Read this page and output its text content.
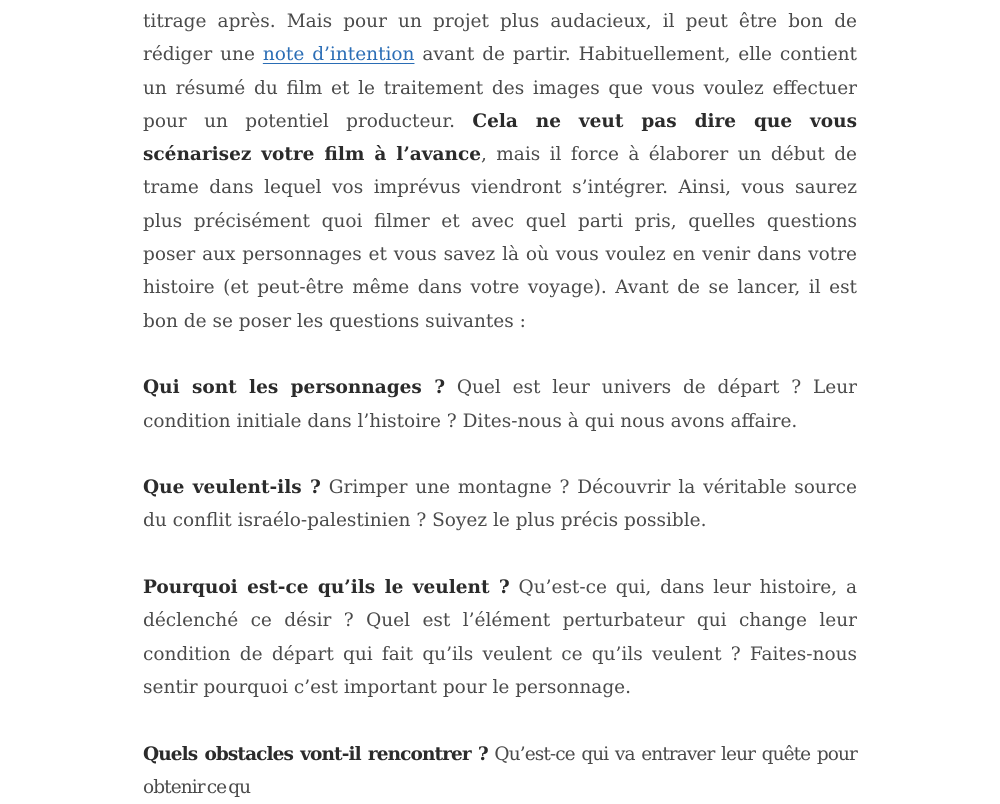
titrage après. Mais pour un projet plus audacieux, il peut être bon de rédiger une note d’intention avant de partir. Habituellement, elle contient un résumé du film et le traitement des images que vous voulez effectuer pour un potentiel producteur. Cela ne veut pas dire que vous scénarisez votre film à l’avance, mais il force à élaborer un début de trame dans lequel vos imprévus viendront s’intégrer. Ainsi, vous saurez plus précisément quoi filmer et avec quel parti pris, quelles questions poser aux personnages et vous savez là où vous voulez en venir dans votre histoire (et peut-être même dans votre voyage). Avant de se lancer, il est bon de se poser les questions suivantes :

Qui sont les personnages ? Quel est leur univers de départ ? Leur condition initiale dans l’histoire ? Dites-nous à qui nous avons affaire.

Que veulent-ils ? Grimper une montagne ? Découvrir la véritable source du conflit israélo-palestinien ? Soyez le plus précis possible.

Pourquoi est-ce qu’ils le veulent ? Qu’est-ce qui, dans leur histoire, a déclenché ce désir ? Quel est l’élément perturbateur qui change leur condition de départ qui fait qu’ils veulent ce qu’ils veulent ? Faites-nous sentir pourquoi c’est important pour le personnage.

Quels obstacles vont-il rencontrer ? Qu’est-ce qui va entraver leur quête pour obtenir ce qu
